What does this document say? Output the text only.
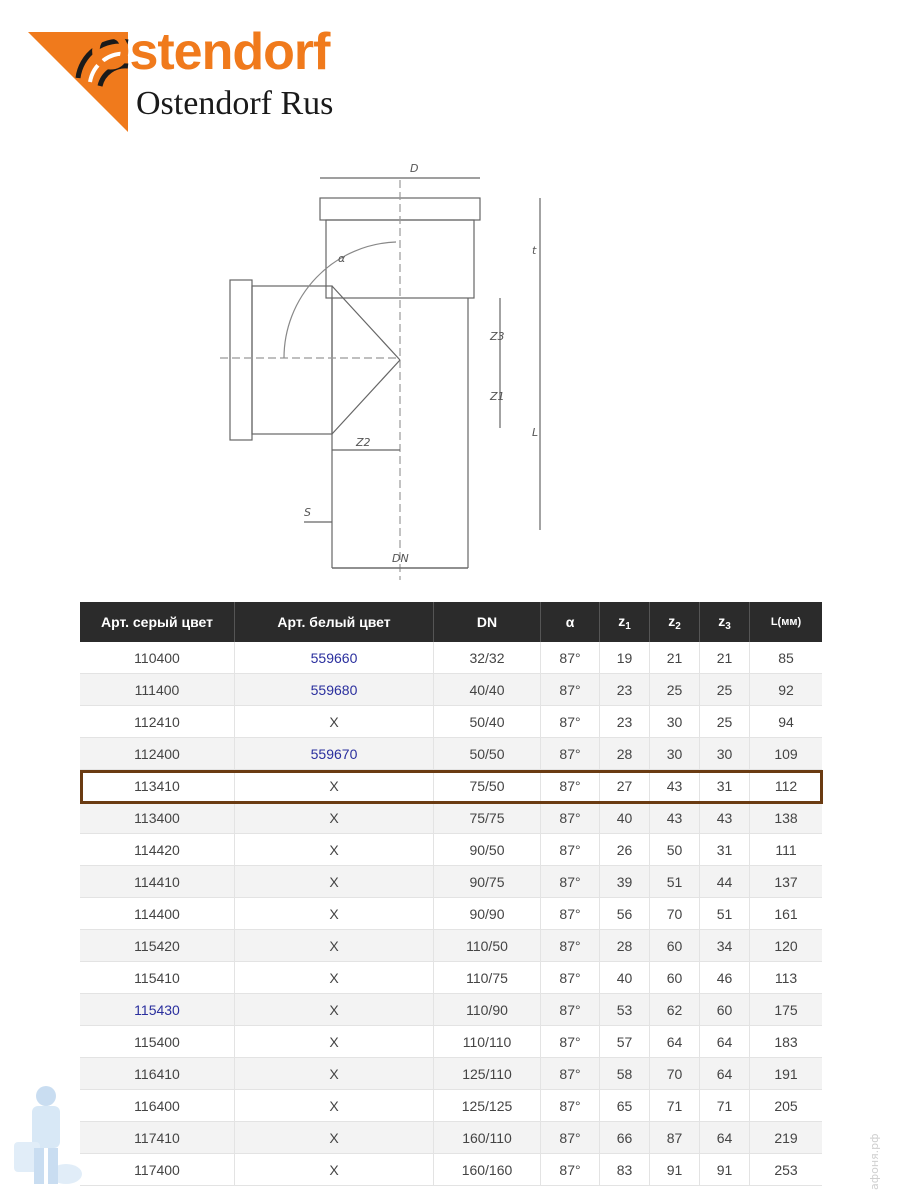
Ostendorf
Ostendorf Rus
D
α
t
Z3
Z1
Z2
L
S
DN
Арт. серый цвет	Арт. белый цвет	DN	α	$z_1$	$z_2$	$z_3$	L(мм)
110400	559660	32/32	87°	19	21	21	85
111400	559680	40/40	87°	23	25	25	92
112410	X	50/40	87°	23	30	25	94
112400	559670	50/50	87°	28	30	30	109
113410	X	75/50	87°	27	43	31	112
113400	X	75/75	87°	40	43	43	138
114420	X	90/50	87°	26	50	31	111
114410	X	90/75	87°	39	51	44	137
114400	X	90/90	87°	56	70	51	161
115420	X	110/50	87°	28	60	34	120
115410	X	110/75	87°	40	60	46	113
115430	X	110/90	87°	53	62	60	175
115400	X	110/110	87°	57	64	64	183
116410	X	125/110	87°	58	70	64	191
116400	X	125/125	87°	65	71	71	205
117410	X	160/110	87°	66	87	64	219
117400	X	160/160	87°	83	91	91	253	афоня.рф
